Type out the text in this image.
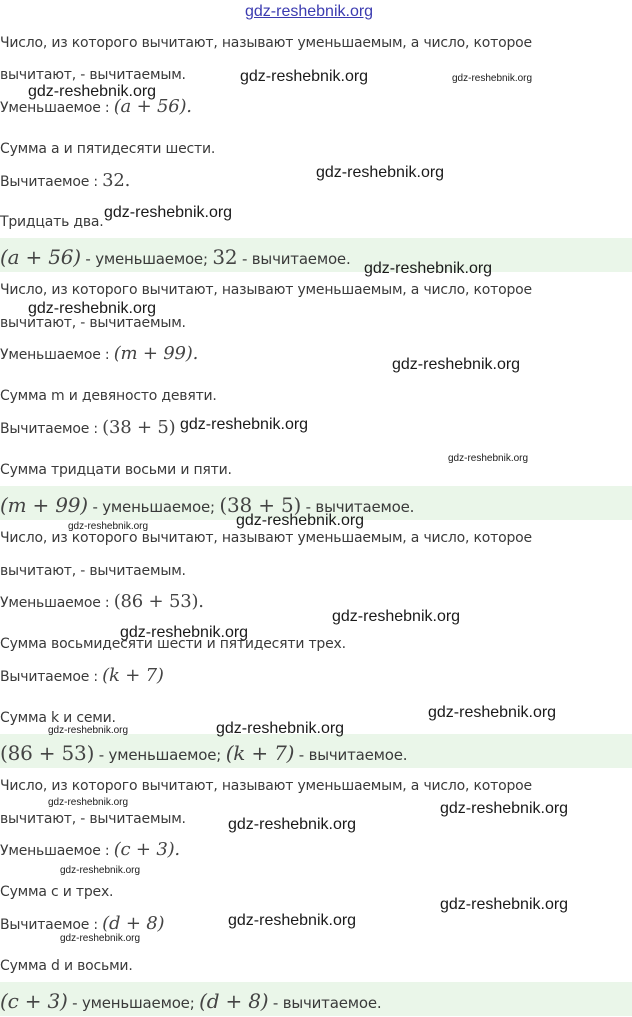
gdz-reshebnik.org
Число, из которого вычитают, называют уменьшаемым, а число, которое
вычитают, - вычитаемым.
Уменьшаемое : (a + 56).
Сумма a и пятидесяти шести.
Вычитаемое : 32.
Тридцать два.
(a + 56) - уменьшаемое; 32 - вычитаемое.
Число, из которого вычитают, называют уменьшаемым, а число, которое
вычитают, - вычитаемым.
Уменьшаемое : (m + 99).
Сумма m и девяносто девяти.
Вычитаемое : (38 + 5)
Сумма тридцати восьми и пяти.
(m + 99) - уменьшаемое; (38 + 5) - вычитаемое.
Число, из которого вычитают, называют уменьшаемым, а число, которое
вычитают, - вычитаемым.
Уменьшаемое : (86 + 53).
Сумма восьмидесяти шести и пятидесяти трех.
Вычитаемое : (k + 7)
Сумма k и семи.
(86 + 53) - уменьшаемое; (k + 7) - вычитаемое.
Число, из которого вычитают, называют уменьшаемым, а число, которое
вычитают, - вычитаемым.
Уменьшаемое : (c + 3).
Сумма c и трех.
Вычитаемое : (d + 8)
Сумма d и восьми.
(c + 3) - уменьшаемое; (d + 8) - вычитаемое.
gdz-reshebnik.org	gdz-reshebnik.org
gdz-reshebnik.org
gdz-reshebnik.org
gdz-reshebnik.org
gdz-reshebnik.org
gdz-reshebnik.org
gdz-reshebnik.org
gdz-reshebnik.org
gdz-reshebnik.org
gdz-reshebnik.org
gdz-reshebnik.org
gdz-reshebnik.org
gdz-reshebnik.org
gdz-reshebnik.org
gdz-reshebnik.org
gdz-reshebnik.org
gdz-reshebnik.org	gdz-reshebnik.org
gdz-reshebnik.org
gdz-reshebnik.org
gdz-reshebnik.org
gdz-reshebnik.org
gdz-reshebnik.org
